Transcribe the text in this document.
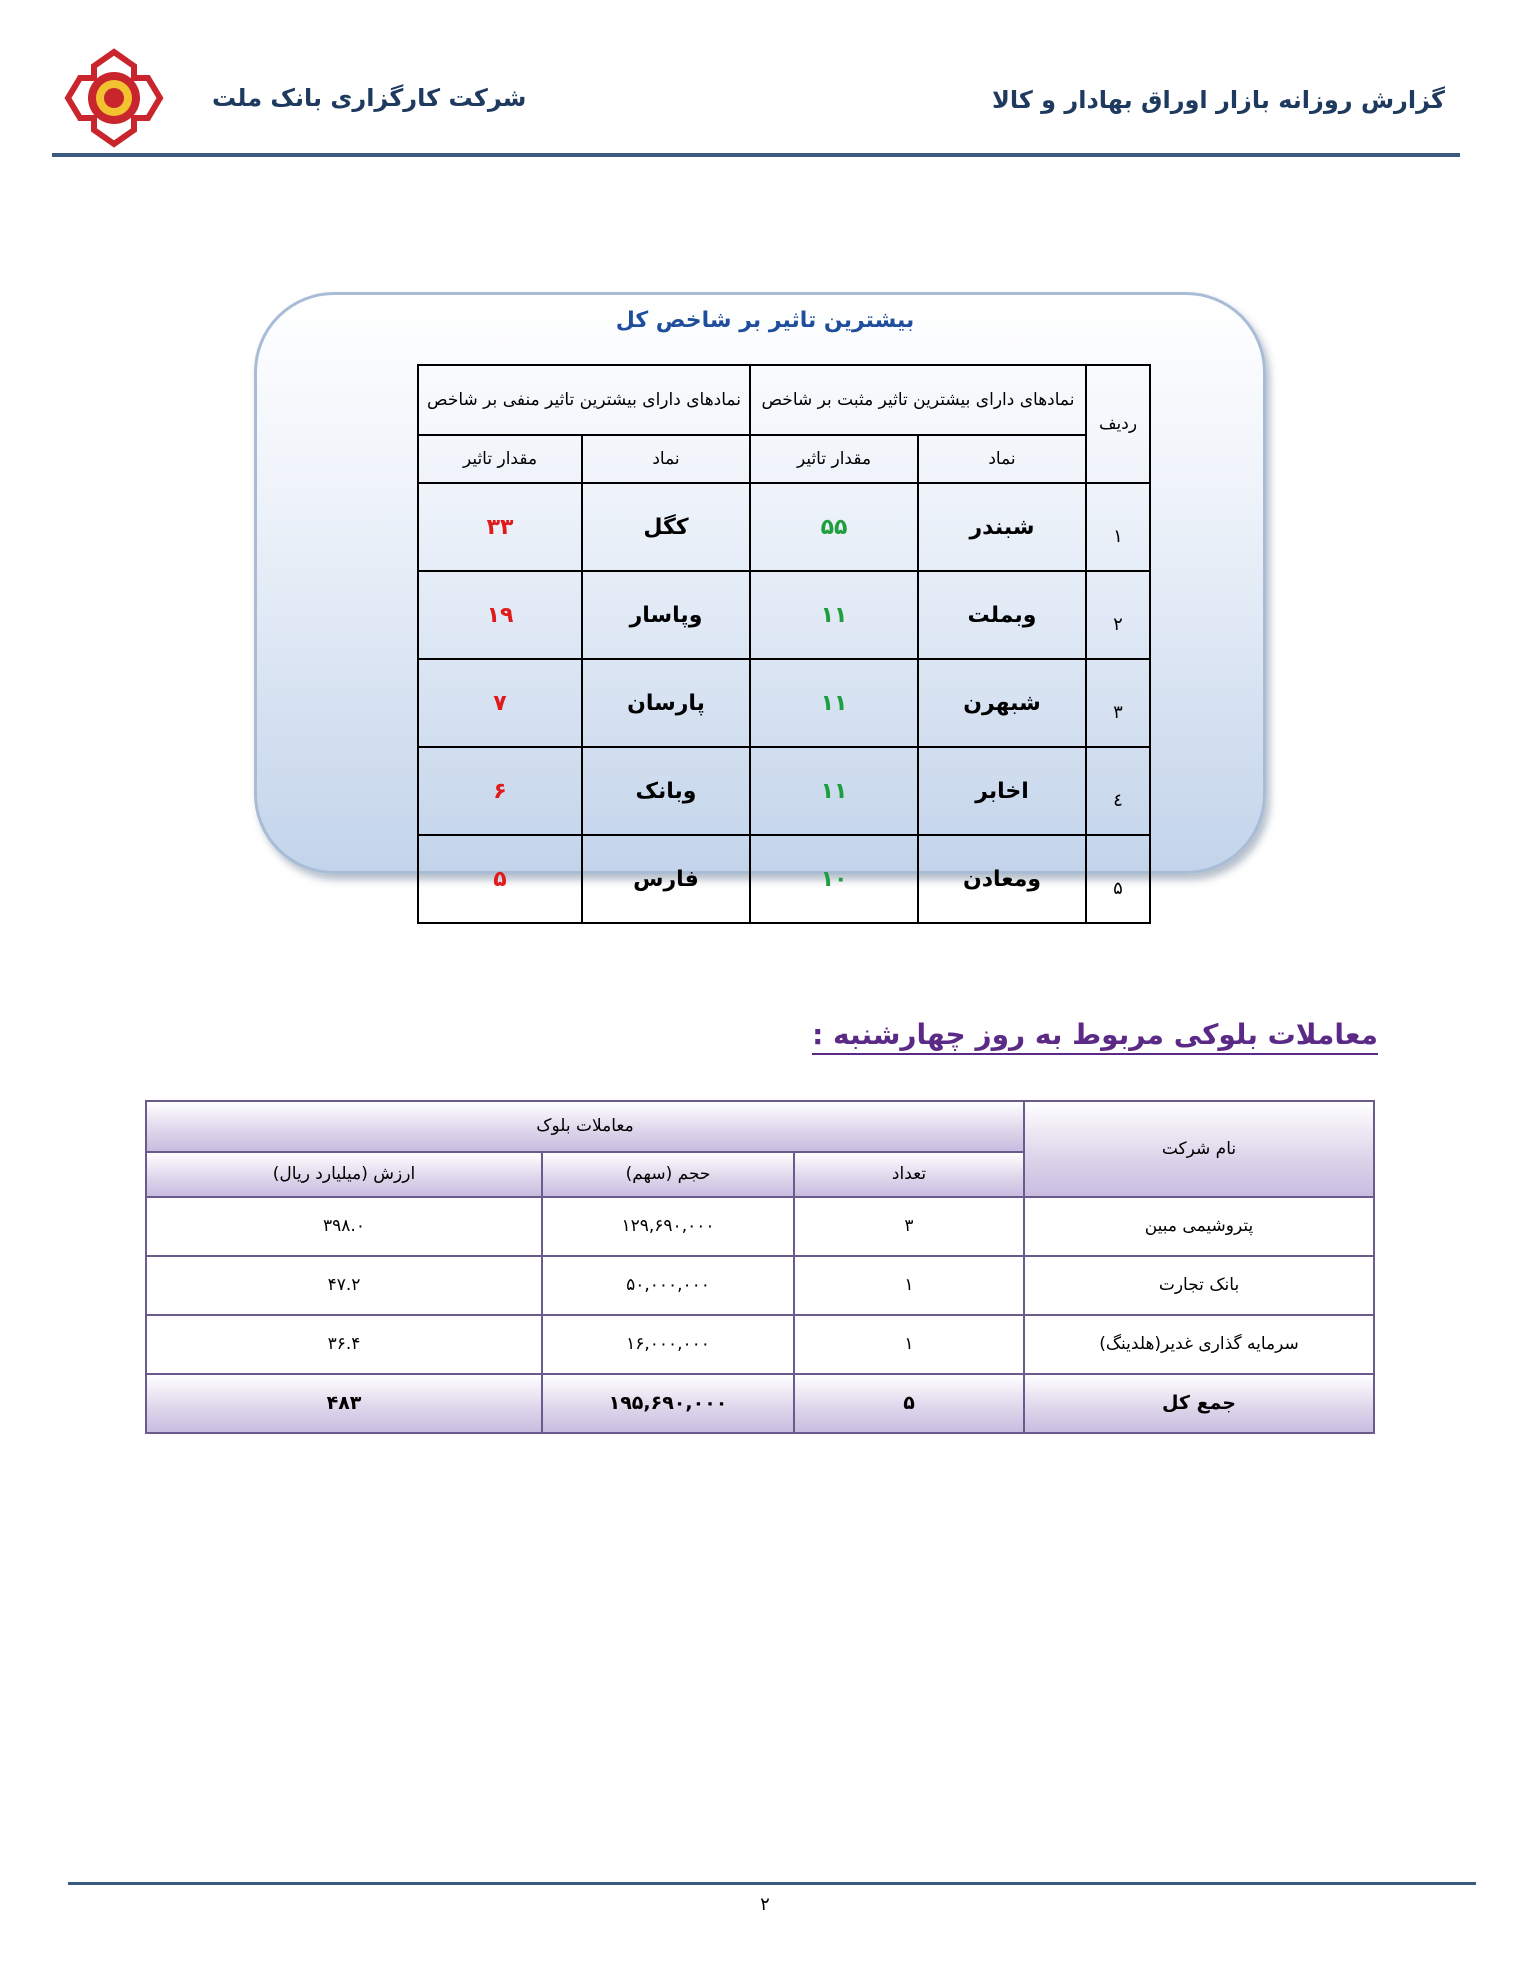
شرکت کارگزاری بانک ملت	گزارش روزانه بازار اوراق بهادار و کالا
بیشترین تاثیر بر شاخص کل
ردیف	نمادهای دارای بیشترین تاثیر مثبت بر شاخص		نمادهای دارای بیشترین تاثیر منفی بر شاخص	
	نماد	مقدار تاثیر	نماد	مقدار تاثیر
۱	شبندر	۵۵	کگل	۳۳
۲	وبملت	۱۱	وپاسار	۱۹
۳	شبهرن	۱۱	پارسان	۷
٤	اخابر	۱۱	وبانک	۶
۵	ومعادن	۱۰	فارس	۵
معاملات بلوکی مربوط به روز چهارشنبه :
نام شرکت	معاملات بلوک		
	تعداد	حجم (سهم)	ارزش (میلیارد ریال)
پتروشیمی مبین	۳	۱۲۹,۶۹۰,۰۰۰	۳۹۸.۰
بانک تجارت	۱	۵۰,۰۰۰,۰۰۰	۴۷.۲
سرمایه گذاری غدیر(هلدینگ)	۱	۱۶,۰۰۰,۰۰۰	۳۶.۴
جمع کل	۵	۱۹۵,۶۹۰,۰۰۰	۴۸۳
۲
